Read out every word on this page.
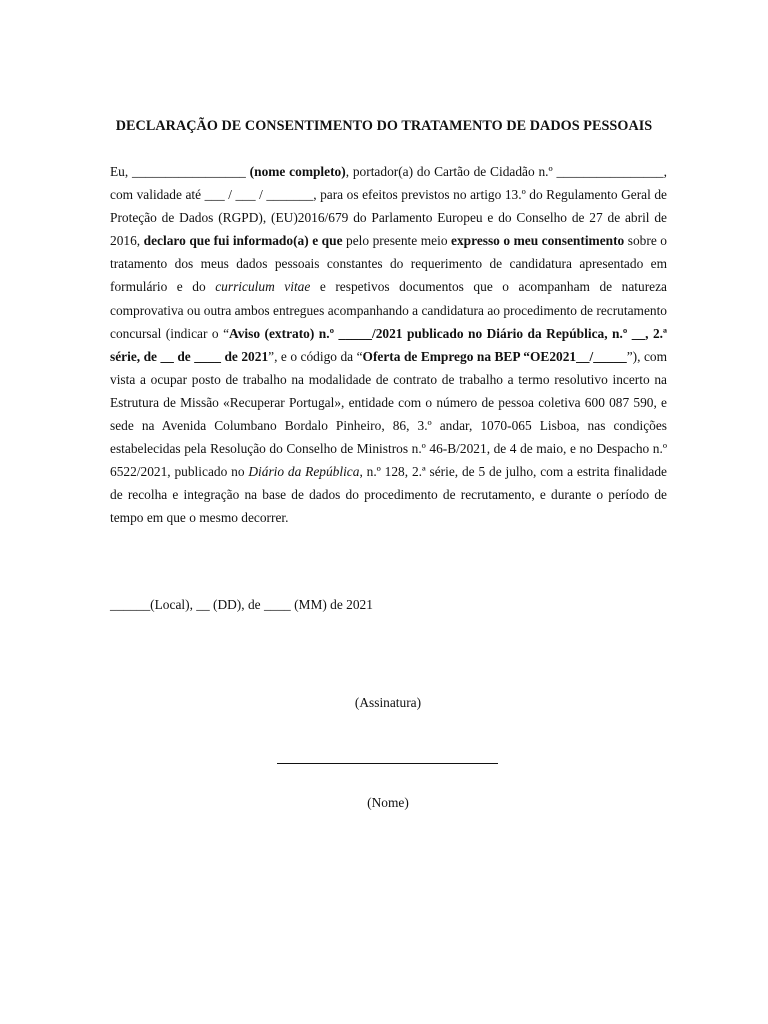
DECLARAÇÃO DE CONSENTIMENTO DO TRATAMENTO DE DADOS PESSOAIS
Eu, _________________ (nome completo), portador(a) do Cartão de Cidadão n.º ________________, com validade até ___ / ___ / _______, para os efeitos previstos no artigo 13.º do Regulamento Geral de Proteção de Dados (RGPD), (EU)2016/679 do Parlamento Europeu e do Conselho de 27 de abril de 2016, declaro que fui informado(a) e que pelo presente meio expresso o meu consentimento sobre o tratamento dos meus dados pessoais constantes do requerimento de candidatura apresentado em formulário e do curriculum vitae e respetivos documentos que o acompanham de natureza comprovativa ou outra ambos entregues acompanhando a candidatura ao procedimento de recrutamento concursal (indicar o “Aviso (extrato) n.º _____/2021 publicado no Diário da República, n.º __, 2.ª série, de __ de ____ de 2021”, e o código da “Oferta de Emprego na BEP “OE2021__/_____”), com vista a ocupar posto de trabalho na modalidade de contrato de trabalho a termo resolutivo incerto na Estrutura de Missão «Recuperar Portugal», entidade com o número de pessoa coletiva 600 087 590, e sede na Avenida Columbano Bordalo Pinheiro, 86, 3.º andar, 1070-065 Lisboa, nas condições estabelecidas pela Resolução do Conselho de Ministros n.º 46-B/2021, de 4 de maio, e no Despacho n.º 6522/2021, publicado no Diário da República, n.º 128, 2.ª série, de 5 de julho, com a estrita finalidade de recolha e integração na base de dados do procedimento de recrutamento, e durante o período de tempo em que o mesmo decorrer.
______(Local), __ (DD), de ____ (MM) de 2021
(Assinatura)
(Nome)
